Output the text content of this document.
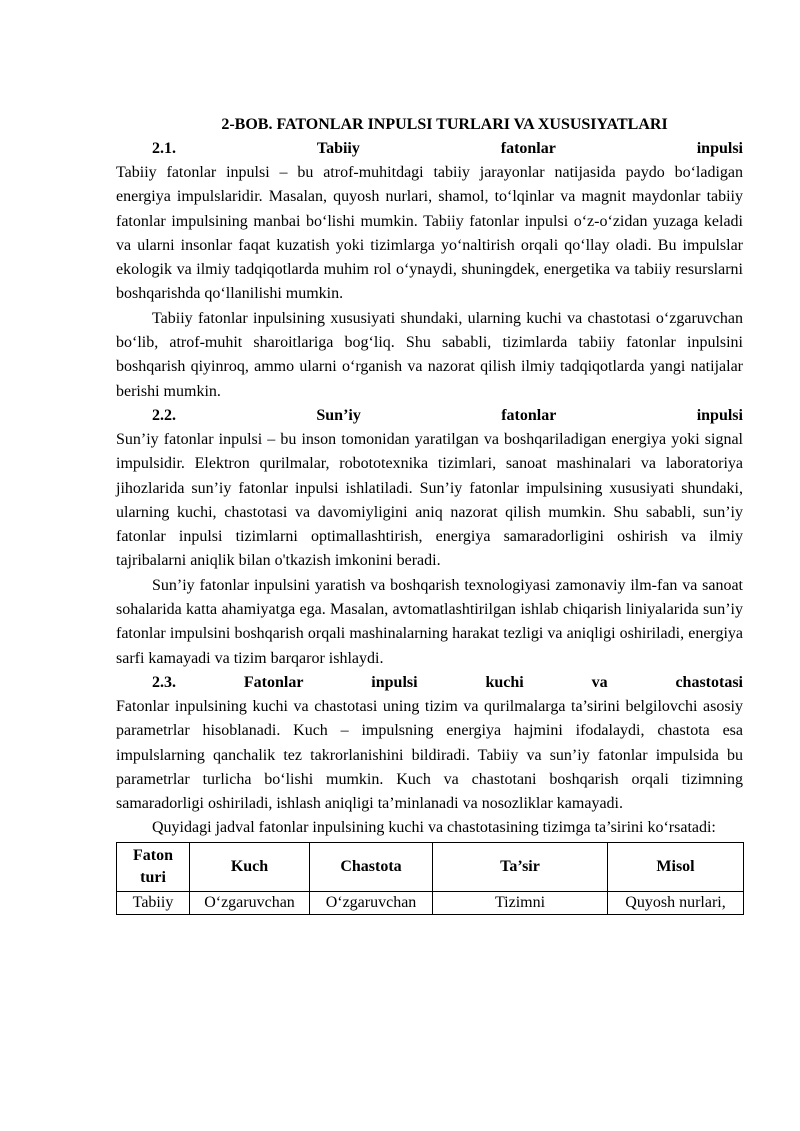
2-BOB. FATONLAR INPULSI TURLARI VA XUSUSIYATLARI
2.1.	Tabiiy	fatonlar	inpulsi

Tabiiy fatonlar inpulsi – bu atrof-muhitdagi tabiiy jarayonlar natijasida paydo bo‘ladigan energiya impulslaridir. Masalan, quyosh nurlari, shamol, to‘lqinlar va magnit maydonlar tabiiy fatonlar impulsining manbai bo‘lishi mumkin. Tabiiy fatonlar inpulsi o‘z-o‘zidan yuzaga keladi va ularni insonlar faqat kuzatish yoki tizimlarga yo‘naltirish orqali qo‘llay oladi. Bu impulslar ekologik va ilmiy tadqiqotlarda muhim rol o‘ynaydi, shuningdek, energetika va tabiiy resurslarni boshqarishda qo‘llanilishi mumkin.

Tabiiy fatonlar inpulsining xususiyati shundaki, ularning kuchi va chastotasi o‘zgaruvchan bo‘lib, atrof-muhit sharoitlariga bog‘liq. Shu sababli, tizimlarda tabiiy fatonlar inpulsini boshqarish qiyinroq, ammo ularni o‘rganish va nazorat qilish ilmiy tadqiqotlarda yangi natijalar berishi mumkin.

2.2.	Sun’iy	fatonlar	inpulsi

Sun’iy fatonlar inpulsi – bu inson tomonidan yaratilgan va boshqariladigan energiya yoki signal impulsidir. Elektron qurilmalar, robototexnika tizimlari, sanoat mashinalari va laboratoriya jihozlarida sun’iy fatonlar inpulsi ishlatiladi. Sun’iy fatonlar impulsining xususiyati shundaki, ularning kuchi, chastotasi va davomiyligini aniq nazorat qilish mumkin. Shu sababli, sun’iy fatonlar inpulsi tizimlarni optimallashtirish, energiya samaradorligini oshirish va ilmiy tajribalarni aniqlik bilan o'tkazish imkonini beradi.

Sun’iy fatonlar inpulsini yaratish va boshqarish texnologiyasi zamonaviy ilm-fan va sanoat sohalarida katta ahamiyatga ega. Masalan, avtomatlashtirilgan ishlab chiqarish liniyalarida sun’iy fatonlar impulsini boshqarish orqali mashinalarning harakat tezligi va aniqligi oshiriladi, energiya sarfi kamayadi va tizim barqaror ishlaydi.

2.3.	Fatonlar	inpulsi	kuchi	va	chastotasi

Fatonlar inpulsining kuchi va chastotasi uning tizim va qurilmalarga ta’sirini belgilovchi asosiy parametrlar hisoblanadi. Kuch – impulsning energiya hajmini ifodalaydi, chastota esa impulslarning qanchalik tez takrorlanishini bildiradi. Tabiiy va sun’iy fatonlar impulsida bu parametrlar turlicha bo‘lishi mumkin. Kuch va chastotani boshqarish orqali tizimning samaradorligi oshiriladi, ishlash aniqligi ta’minlanadi va nosozliklar kamayadi.

Quyidagi jadval fatonlar inpulsining kuchi va chastotasining tizimga ta’sirini ko‘rsatadi:

Faton turi	Kuch	Chastota	Ta’sir	Misol
Tabiiy	O‘zgaruvchan	O‘zgaruvchan	Tizimni	Quyosh nurlari,
